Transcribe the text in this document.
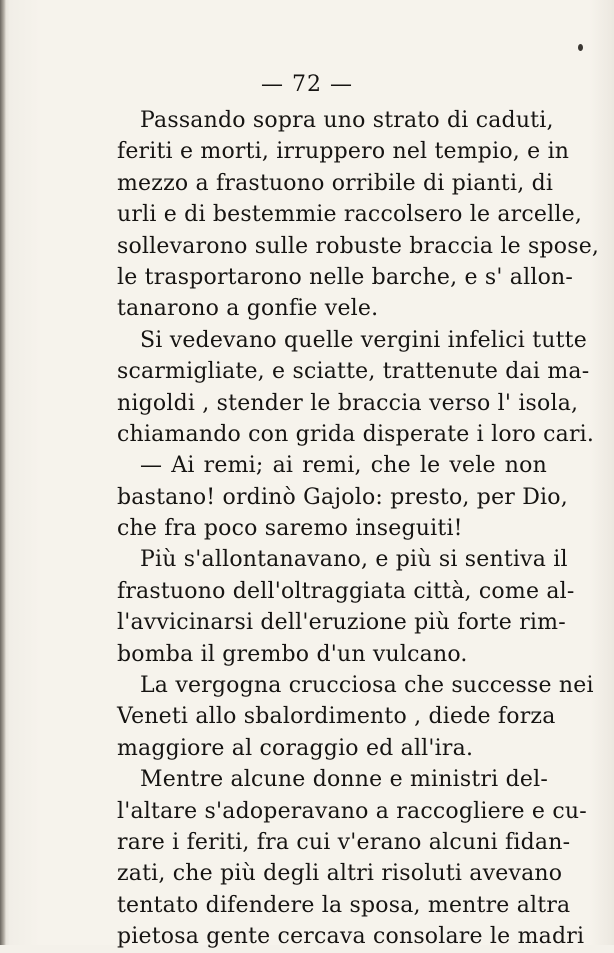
— 72 —
Passando sopra uno strato di caduti,
feriti e morti, irruppero nel tempio, e in
mezzo a frastuono orribile di pianti, di
urli e di bestemmie raccolsero le arcelle,
sollevarono sulle robuste braccia le spose,
le trasportarono nelle barche, e s' allon-
tanarono a gonfie vele.
Si vedevano quelle vergini infelici tutte
scarmigliate, e sciatte, trattenute dai ma-
nigoldi , stender le braccia verso l' isola,
chiamando con grida disperate i loro cari.
— Ai remi; ai remi, che le vele non
bastano! ordinò Gajolo: presto, per Dio,
che fra poco saremo inseguiti!
Più s'allontanavano, e più si sentiva il
frastuono dell'oltraggiata città, come al-
l'avvicinarsi dell'eruzione più forte rim-
bomba il grembo d'un vulcano.
La vergogna crucciosa che successe nei
Veneti allo sbalordimento , diede forza
maggiore al coraggio ed all'ira.
Mentre alcune donne e ministri del-
l'altare s'adoperavano a raccogliere e cu-
rare i feriti, fra cui v'erano alcuni fidan-
zati, che più degli altri risoluti avevano
tentato difendere la sposa, mentre altra
pietosa gente cercava consolare le madri
